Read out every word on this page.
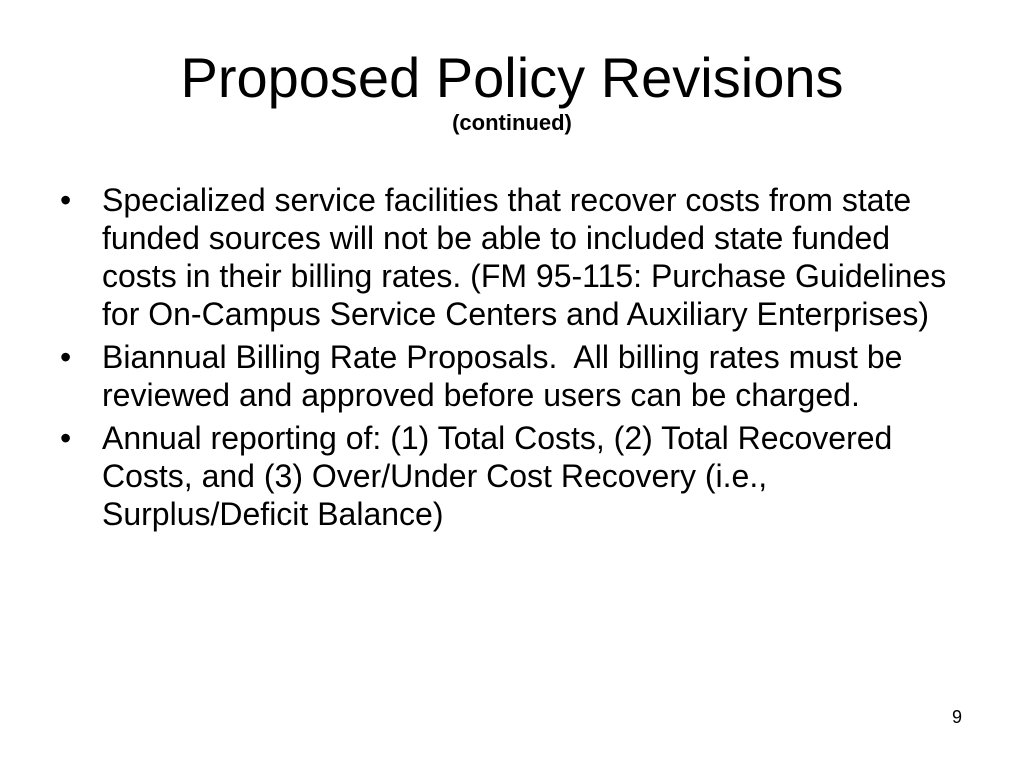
Proposed Policy Revisions
(continued)
• Specialized service facilities that recover costs from state funded sources will not be able to included state funded costs in their billing rates. (FM 95-115: Purchase Guidelines for On-Campus Service Centers and Auxiliary Enterprises)
• Biannual Billing Rate Proposals.  All billing rates must be reviewed and approved before users can be charged.
• Annual reporting of: (1) Total Costs, (2) Total Recovered Costs, and (3) Over/Under Cost Recovery (i.e., Surplus/Deficit Balance)
9
